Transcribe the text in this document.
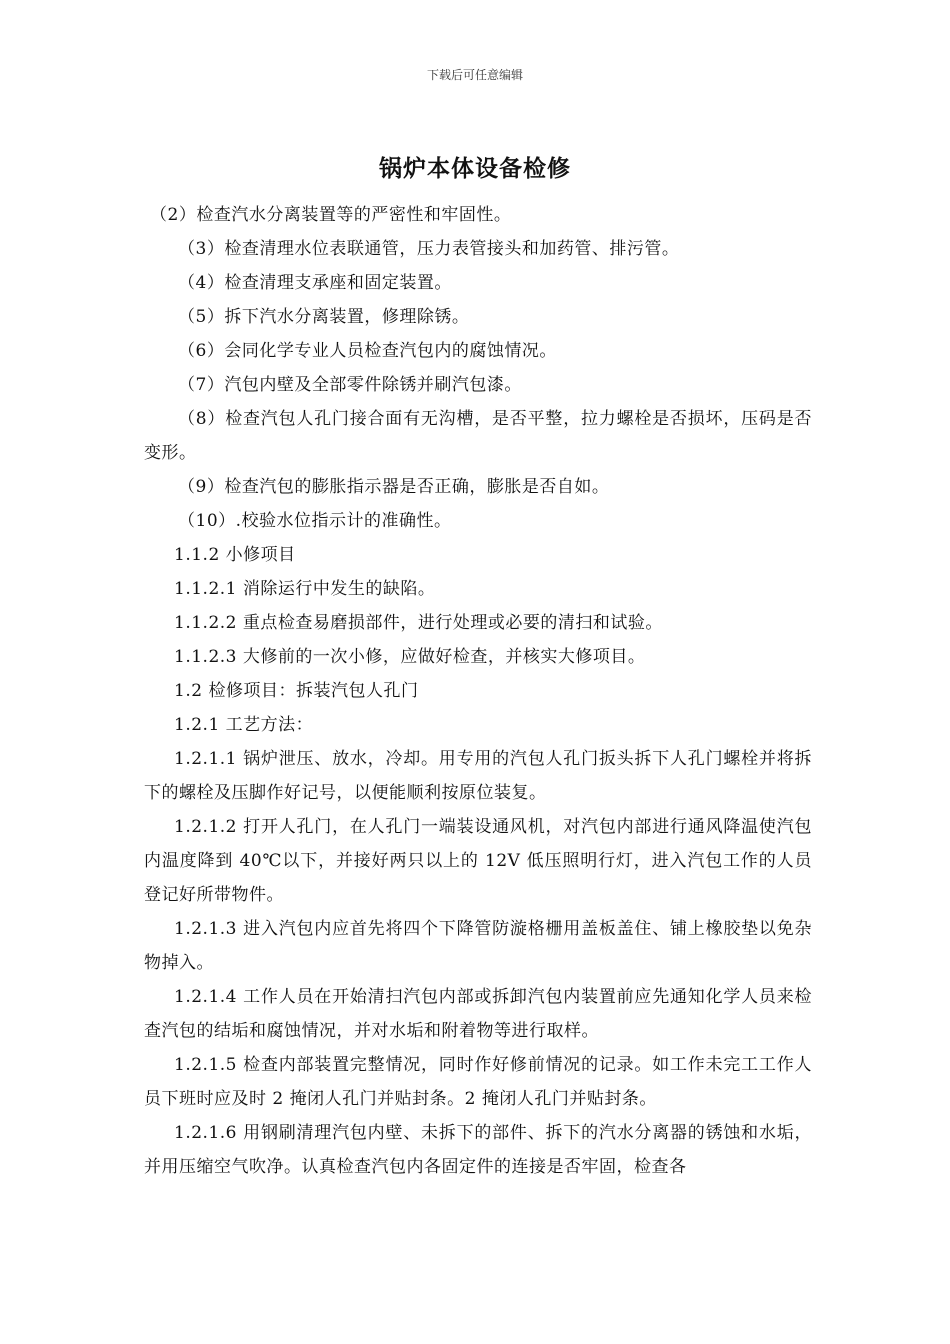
下载后可任意编辑
锅炉本体设备检修

（2）检查汽水分离装置等的严密性和牢固性。

（3）检查清理水位表联通管，压力表管接头和加药管、排污管。

（4）检查清理支承座和固定装置。

（5）拆下汽水分离装置，修理除锈。

（6）会同化学专业人员检查汽包内的腐蚀情况。

（7）汽包内壁及全部零件除锈并刷汽包漆。

（8）检查汽包人孔门接合面有无沟槽，是否平整，拉力螺栓是否损坏，压码是否变形。

（9）检查汽包的膨胀指示器是否正确，膨胀是否自如。

（10）.校验水位指示计的准确性。

1.1.2 小修项目

1.1.2.1 消除运行中发生的缺陷。

1.1.2.2 重点检查易磨损部件，进行处理或必要的清扫和试验。

1.1.2.3 大修前的一次小修，应做好检查，并核实大修项目。

1.2 检修项目：拆装汽包人孔门

1.2.1 工艺方法：

1.2.1.1 锅炉泄压、放水，冷却。用专用的汽包人孔门扳头拆下人孔门螺栓并将拆下的螺栓及压脚作好记号，以便能顺利按原位装复。

1.2.1.2 打开人孔门，在人孔门一端装设通风机，对汽包内部进行通风降温使汽包内温度降到 40℃以下，并接好两只以上的 12V 低压照明行灯，进入汽包工作的人员登记好所带物件。

1.2.1.3 进入汽包内应首先将四个下降管防漩格栅用盖板盖住、铺上橡胶垫以免杂物掉入。

1.2.1.4 工作人员在开始清扫汽包内部或拆卸汽包内装置前应先通知化学人员来检查汽包的结垢和腐蚀情况，并对水垢和附着物等进行取样。

1.2.1.5 检查内部装置完整情况，同时作好修前情况的记录。如工作未完工工作人员下班时应及时 2 掩闭人孔门并贴封条。2 掩闭人孔门并贴封条。

1.2.1.6 用钢刷清理汽包内壁、未拆下的部件、拆下的汽水分离器的锈蚀和水垢，并用压缩空气吹净。认真检查汽包内各固定件的连接是否牢固，检查各
